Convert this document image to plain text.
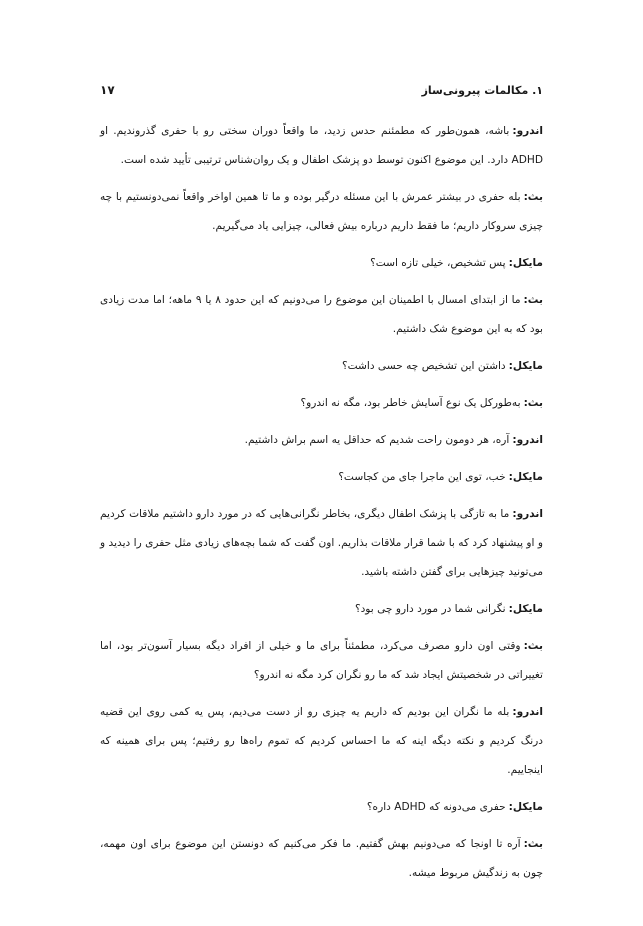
۱. مکالمات پیرونی‌ساز
۱۷

اندرو:باشه، همون‌طور که مطمئنم حدس زدید، ما واقعاً دوران سختی رو با حفری گذروندیم. او ADHD دارد. این موضوع اکنون توسط دو پزشک اطفال و یک روان‌شناس ترتیبی تأیید شده است.

بث:بله حفری در بیشتر عمرش با این مسئله درگیر بوده و ما تا همین اواخر واقعاً نمی‌دونستیم با چه چیزی سروکار داریم؛ ما فقط داریم درباره بیش فعالی، چیزایی یاد می‌گیریم.

مایکل:پس تشخیص، خیلی تازه است؟

بث:ما از ابتدای امسال با اطمینان این موضوع را می‌دونیم که این حدود ۸ یا ۹ ماهه؛ اما مدت زیادی بود که به این موضوع شک داشتیم.

مایکل:داشتن این تشخیص چه حسی داشت؟

بث:به‌طورکل یک نوع آسایش خاطر بود، مگه نه اندرو؟

اندرو:آره، هر دومون راحت شدیم که حداقل یه اسم براش داشتیم.

مایکل:خب، توی این ماجرا جای من کجاست؟

اندرو:ما به تازگی با پزشک اطفال دیگری، بخاطر نگرانی‌هایی که در مورد دارو داشتیم ملاقات کردیم و او پیشنهاد کرد که با شما قرار ملاقات بذاریم. اون گفت که شما بچه‌های زیادی مثل حفری را دیدید و می‌تونید چیزهایی برای گفتن داشته باشید.

مایکل:نگرانی شما در مورد دارو چی بود؟

بث:وقتی اون دارو مصرف می‌کرد، مطمئناً برای ما و خیلی از افراد دیگه بسیار آسون‌تر بود، اما تغییراتی در شخصیتش ایجاد شد که ما رو نگران کرد مگه نه اندرو؟

اندرو:بله ما نگران این بودیم که داریم یه چیزی رو از دست می‌دیم، پس یه کمی روی این قضیه درنگ کردیم و نکته دیگه اینه که ما احساس کردیم که تموم راه‌ها رو رفتیم؛ پس برای همینه که اینجاییم.

مایکل:حفری می‌دونه که ADHD داره؟

بث:آره تا اونجا که می‌دونیم بهش گفتیم. ما فکر می‌کنیم که دونستن این موضوع برای اون مهمه، چون به زندگیش مربوط میشه.
